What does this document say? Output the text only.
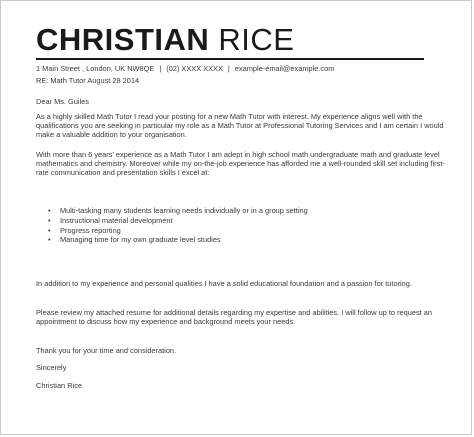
CHRISTIAN RICE
1 Main Street , London, UK NW8QE | (02) XXXX XXXX | example-email@example.com

RE: Math Tutor August 28 2014

Dear Ms. Guiles

As a highly skilled Math Tutor I read your posting for a new Math Tutor with interest. My experience aligns well with the qualifications you are seeking in particular my role as a Math Tutor at Professional Tutoring Services and I am certain I would make a valuable addition to your organisation.

With more than 6 years' experience as a Math Tutor I am adept in high school math undergraduate math and graduate level mathematics and chemistry. Moreover while my on-the-job experience has afforded me a well-rounded skill set including first-rate communication and presentation skills I excel at:

• Multi-tasking many students learning needs individually or in a group setting
• Instructional material development
• Progress reporting
• Managing time for my own graduate level studies

In addition to my experience and personal qualities I have a solid educational foundation and a passion for tutoring.

Please review my attached resume for additional details regarding my expertise and abilities. I will follow up to request an appointment to discuss how my experience and background meets your needs.

Thank you for your time and consideration.

Sincerely

Christian Rice
